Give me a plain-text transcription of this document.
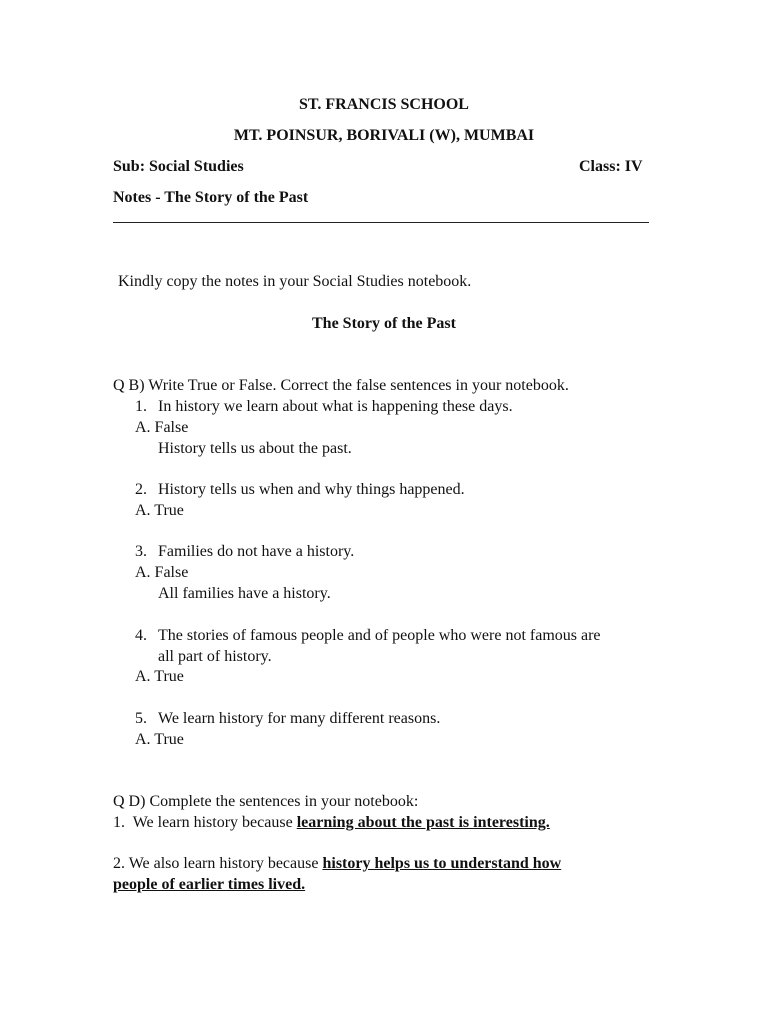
ST. FRANCIS SCHOOL
MT. POINSUR, BORIVALI (W), MUMBAI
Sub: Social Studies	Class: IV
Notes - The Story of the Past
Kindly copy the notes in your Social Studies notebook.
The Story of the Past
Q B) Write True or False. Correct the false sentences in your notebook.
1. In history we learn about what is happening these days.
A. False
History tells us about the past.
2. History tells us when and why things happened.
A. True
3. Families do not have a history.
A. False
All families have a history.
4. The stories of famous people and of people who were not famous are
all part of history.
A. True
5. We learn history for many different reasons.
A. True
Q D) Complete the sentences in your notebook:
1.  We learn history because learning about the past is interesting.
2. We also learn history because history helps us to understand how
people of earlier times lived.
